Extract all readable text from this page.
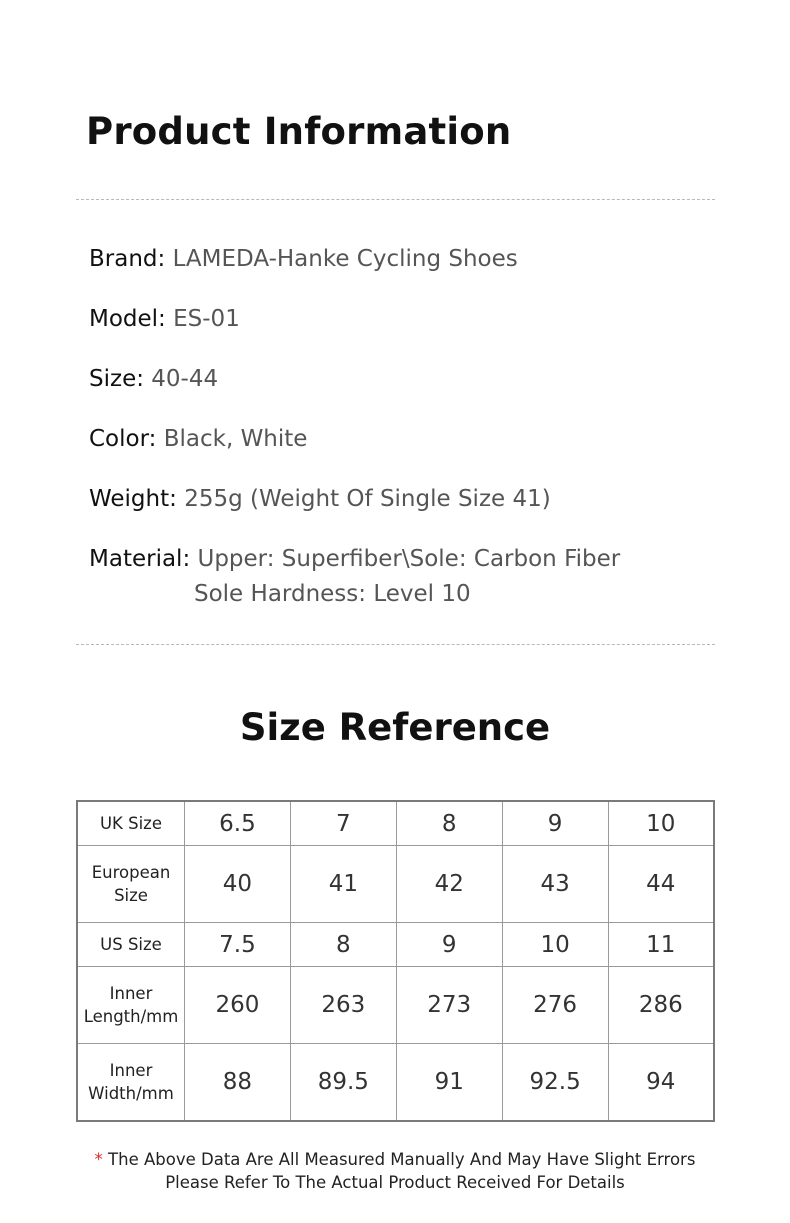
Product Information
Brand: LAMEDA-Hanke Cycling Shoes
Model: ES-01
Size: 40-44
Color: Black, White
Weight: 255g (Weight Of Single Size 41)
Material: Upper: Superfiber\Sole: Carbon Fiber
Sole Hardness: Level 10
Size Reference
UK Size	6.5	7	8	9	10
European Size	40	41	42	43	44
US Size	7.5	8	9	10	11
Inner Length/mm	260	263	273	276	286
Inner Width/mm	88	89.5	91	92.5	94
* The Above Data Are All Measured Manually And May Have Slight Errors
Please Refer To The Actual Product Received For Details
